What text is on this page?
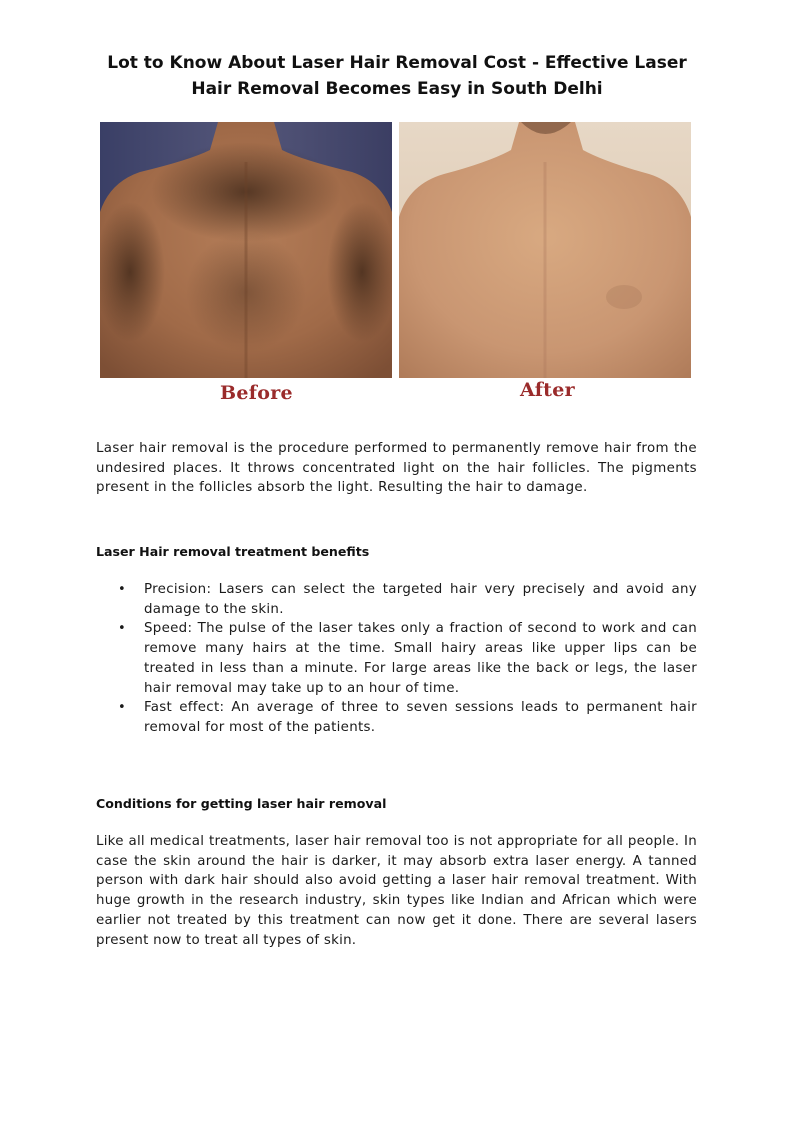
Lot to Know About Laser Hair Removal Cost - Effective Laser Hair Removal Becomes Easy in South Delhi
Before	After

Laser hair removal is the procedure performed to permanently remove hair from the undesired places. It throws concentrated light on the hair follicles. The pigments present in the follicles absorb the light. Resulting the hair to damage.

Laser Hair removal treatment benefits
• Precision: Lasers can select the targeted hair very precisely and avoid any damage to the skin.
• Speed: The pulse of the laser takes only a fraction of second to work and can remove many hairs at the time. Small hairy areas like upper lips can be treated in less than a minute. For large areas like the back or legs, the laser hair removal may take up to an hour of time.
• Fast effect: An average of three to seven sessions leads to permanent hair removal for most of the patients.
Conditions for getting laser hair removal

Like all medical treatments, laser hair removal too is not appropriate for all people. In case the skin around the hair is darker, it may absorb extra laser energy. A tanned person with dark hair should also avoid getting a laser hair removal treatment. With huge growth in the research industry, skin types like Indian and African which were earlier not treated by this treatment can now get it done. There are several lasers present now to treat all types of skin.
